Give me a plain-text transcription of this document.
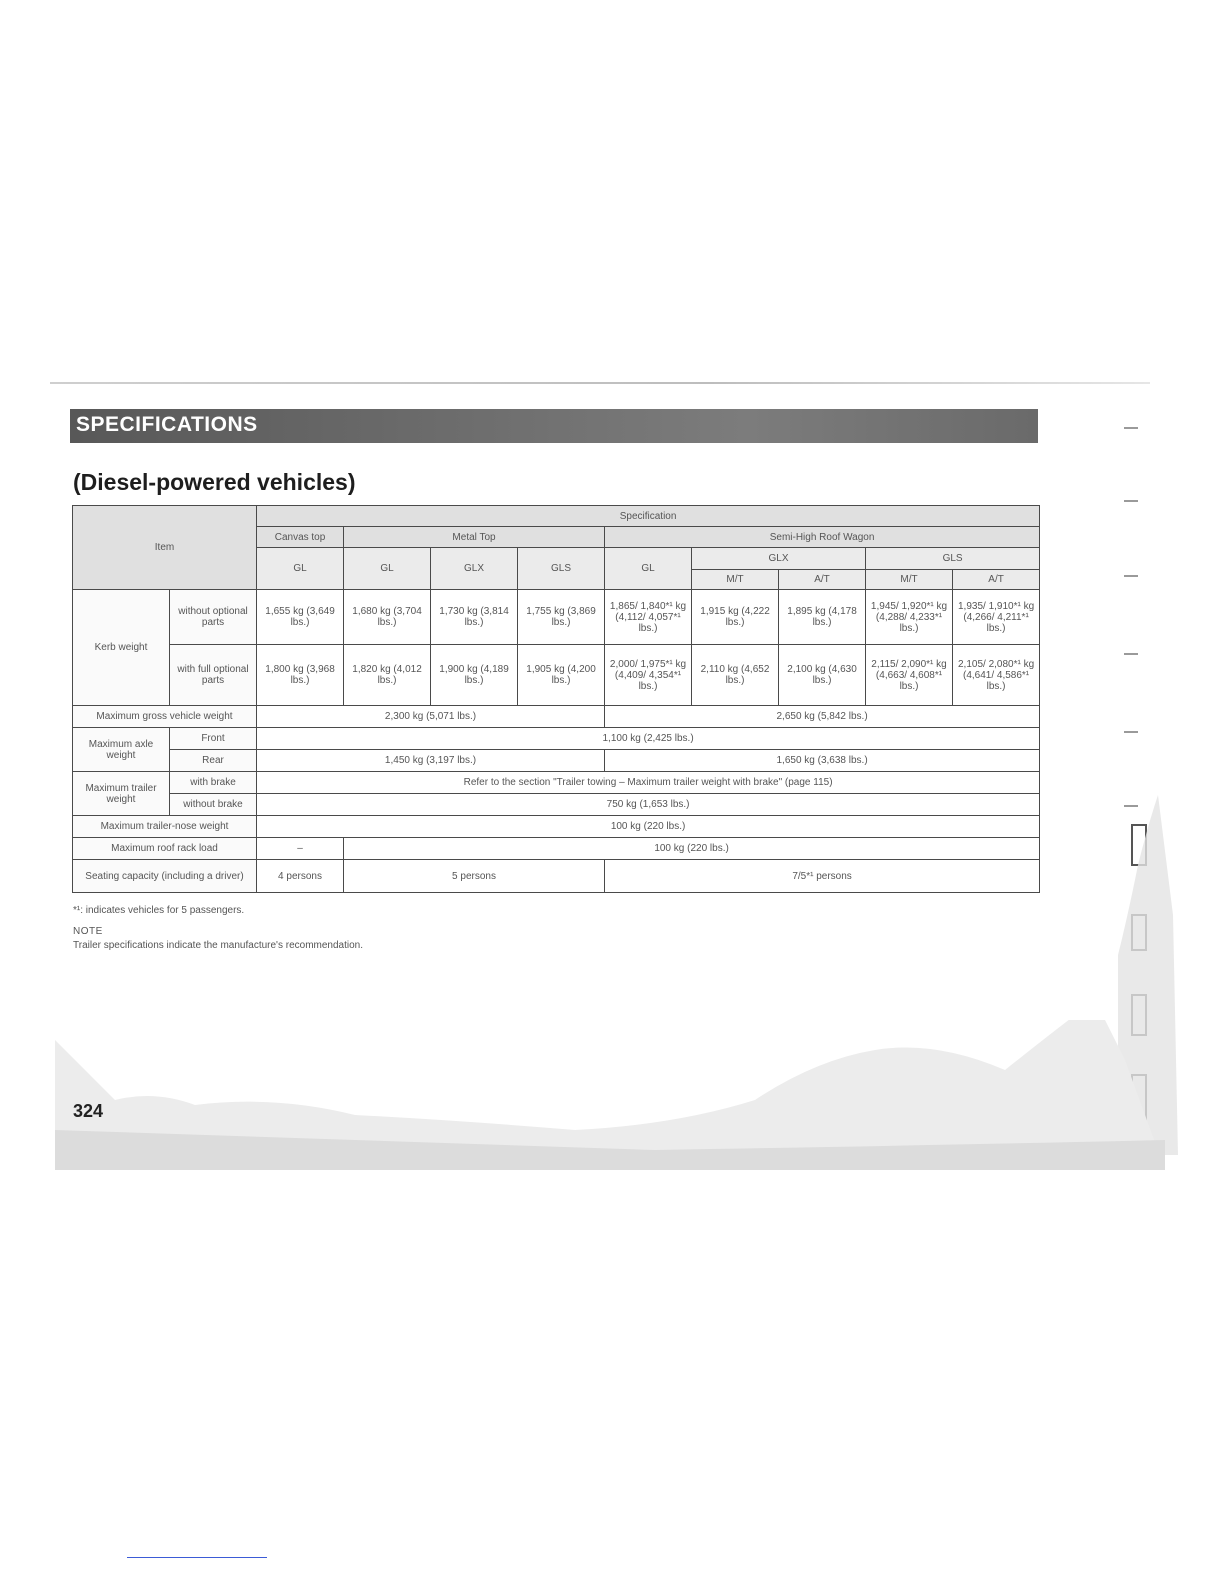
SPECIFICATIONS
(Diesel-powered vehicles)
Item		Specification								
		Canvas top	Metal Top			Semi-High Roof Wagon				
		GL	GL	GLX	GLS	GL	GLX		GLS	
							M/T	A/T	M/T	A/T
Kerb weight	without optional parts	1,655 kg (3,649 lbs.)	1,680 kg (3,704 lbs.)	1,730 kg (3,814 lbs.)	1,755 kg (3,869 lbs.)	1,865/ 1,840*¹ kg (4,112/ 4,057*¹ lbs.)	1,915 kg (4,222 lbs.)	1,895 kg (4,178 lbs.)	1,945/ 1,920*¹ kg (4,288/ 4,233*¹ lbs.)	1,935/ 1,910*¹ kg (4,266/ 4,211*¹ lbs.)
	with full optional parts	1,800 kg (3,968 lbs.)	1,820 kg (4,012 lbs.)	1,900 kg (4,189 lbs.)	1,905 kg (4,200 lbs.)	2,000/ 1,975*¹ kg (4,409/ 4,354*¹ lbs.)	2,110 kg (4,652 lbs.)	2,100 kg (4,630 lbs.)	2,115/ 2,090*¹ kg (4,663/ 4,608*¹ lbs.)	2,105/ 2,080*¹ kg (4,641/ 4,586*¹ lbs.)
Maximum gross vehicle weight		2,300 kg (5,071 lbs.)				2,650 kg (5,842 lbs.)				
Maximum axle weight	Front	1,100 kg (2,425 lbs.)								
	Rear	1,450 kg (3,197 lbs.)				1,650 kg (3,638 lbs.)				
Maximum trailer weight	with brake	Refer to the section "Trailer towing – Maximum trailer weight with brake" (page 115)								
	without brake	750 kg (1,653 lbs.)								
Maximum trailer-nose weight		100 kg (220 lbs.)								
Maximum roof rack load		–	100 kg (220 lbs.)							
Seating capacity (including a driver)		4 persons	5 persons			7/5*¹ persons				
*¹: indicates vehicles for 5 passengers.
NOTE
Trailer specifications indicate the manufacture's recommendation.
324
